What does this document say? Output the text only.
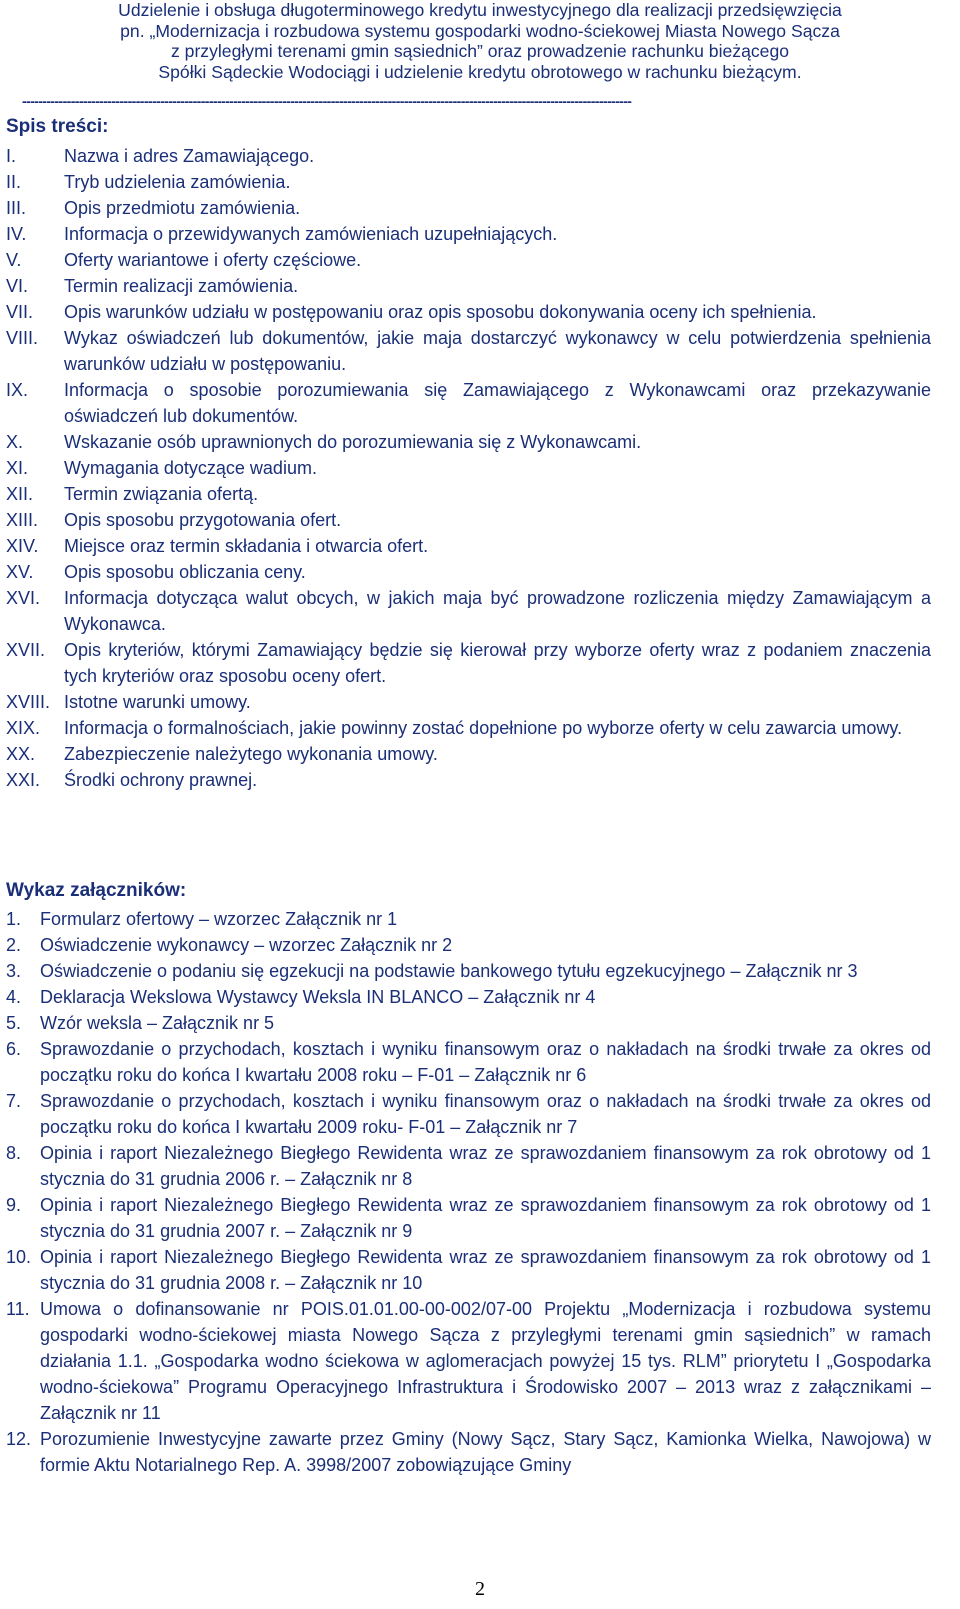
Udzielenie i obsługa długoterminowego kredytu inwestycyjnego dla realizacji przedsięwzięcia
pn. „Modernizacja i rozbudowa systemu gospodarki wodno-ściekowej Miasta Nowego Sącza
z przyległymi terenami gmin sąsiednich” oraz prowadzenie rachunku bieżącego
Spółki Sądeckie Wodociągi i udzielenie kredytu obrotowego w rachunku bieżącym.
------------------------------------------------------------------------------------------------------------------------------------------------------
Spis treści:
I.	Nazwa i adres Zamawiającego.
II. Tryb udzielenia zamówienia.
III. Opis przedmiotu zamówienia.
IV. Informacja o przewidywanych zamówieniach uzupełniających.
V. Oferty wariantowe i oferty częściowe.
VI. Termin realizacji zamówienia.
VII. Opis warunków udziału w postępowaniu oraz opis sposobu dokonywania oceny ich spełnienia.
VIII. Wykaz oświadczeń lub dokumentów, jakie maja dostarczyć wykonawcy w celu potwierdzenia spełnienia warunków udziału w postępowaniu.
IX. Informacja o sposobie porozumiewania się Zamawiającego z Wykonawcami oraz przekazywanie oświadczeń lub dokumentów.
X. Wskazanie osób uprawnionych do porozumiewania się z Wykonawcami.
XI. Wymagania dotyczące wadium.
XII. Termin związania ofertą.
XIII. Opis sposobu przygotowania ofert.
XIV. Miejsce oraz termin składania i otwarcia ofert.
XV. Opis sposobu obliczania ceny.
XVI. Informacja dotycząca walut obcych, w jakich maja być prowadzone rozliczenia między Zamawiającym a Wykonawca.
XVII. Opis kryteriów, którymi Zamawiający będzie się kierował przy wyborze oferty wraz z podaniem znaczenia tych kryteriów oraz sposobu oceny ofert.
XVIII. Istotne warunki umowy.
XIX. Informacja o formalnościach, jakie powinny zostać dopełnione po wyborze oferty w celu zawarcia umowy.
XX. Zabezpieczenie należytego wykonania umowy.
XXI. Środki ochrony prawnej.
Wykaz załączników:
1. Formularz ofertowy – wzorzec Załącznik nr 1
2. Oświadczenie wykonawcy – wzorzec Załącznik nr 2
3. Oświadczenie o podaniu się egzekucji na podstawie bankowego tytułu egzekucyjnego – Załącznik nr 3
4. Deklaracja Wekslowa Wystawcy Weksla IN BLANCO – Załącznik nr 4
5. Wzór weksla – Załącznik nr 5
6. Sprawozdanie o przychodach, kosztach i wyniku finansowym oraz o nakładach na środki trwałe za okres od początku roku do końca I kwartału 2008 roku – F-01 – Załącznik nr 6
7. Sprawozdanie o przychodach, kosztach i wyniku finansowym oraz o nakładach na środki trwałe za okres od początku roku do końca I kwartału 2009 roku- F-01 – Załącznik nr 7
8. Opinia i raport Niezależnego Biegłego Rewidenta wraz ze sprawozdaniem finansowym za rok obrotowy od 1 stycznia do 31 grudnia 2006 r. – Załącznik nr 8
9. Opinia i raport Niezależnego Biegłego Rewidenta wraz ze sprawozdaniem finansowym za rok obrotowy od 1 stycznia do 31 grudnia 2007 r. – Załącznik nr 9
10. Opinia i raport Niezależnego Biegłego Rewidenta wraz ze sprawozdaniem finansowym za rok obrotowy od 1 stycznia do 31 grudnia 2008 r. – Załącznik nr 10
11. Umowa o dofinansowanie nr POIS.01.01.00-00-002/07-00 Projektu „Modernizacja i rozbudowa systemu gospodarki wodno-ściekowej miasta Nowego Sącza z przyległymi terenami gmin sąsiednich” w ramach działania 1.1. „Gospodarka wodno ściekowa w aglomeracjach powyżej 15 tys. RLM” priorytetu I „Gospodarka wodno-ściekowa” Programu Operacyjnego Infrastruktura i Środowisko 2007 – 2013 wraz z załącznikami – Załącznik nr 11
12. Porozumienie Inwestycyjne zawarte przez Gminy (Nowy Sącz, Stary Sącz, Kamionka Wielka, Nawojowa) w formie Aktu Notarialnego Rep. A. 3998/2007 zobowiązujące Gminy
2
